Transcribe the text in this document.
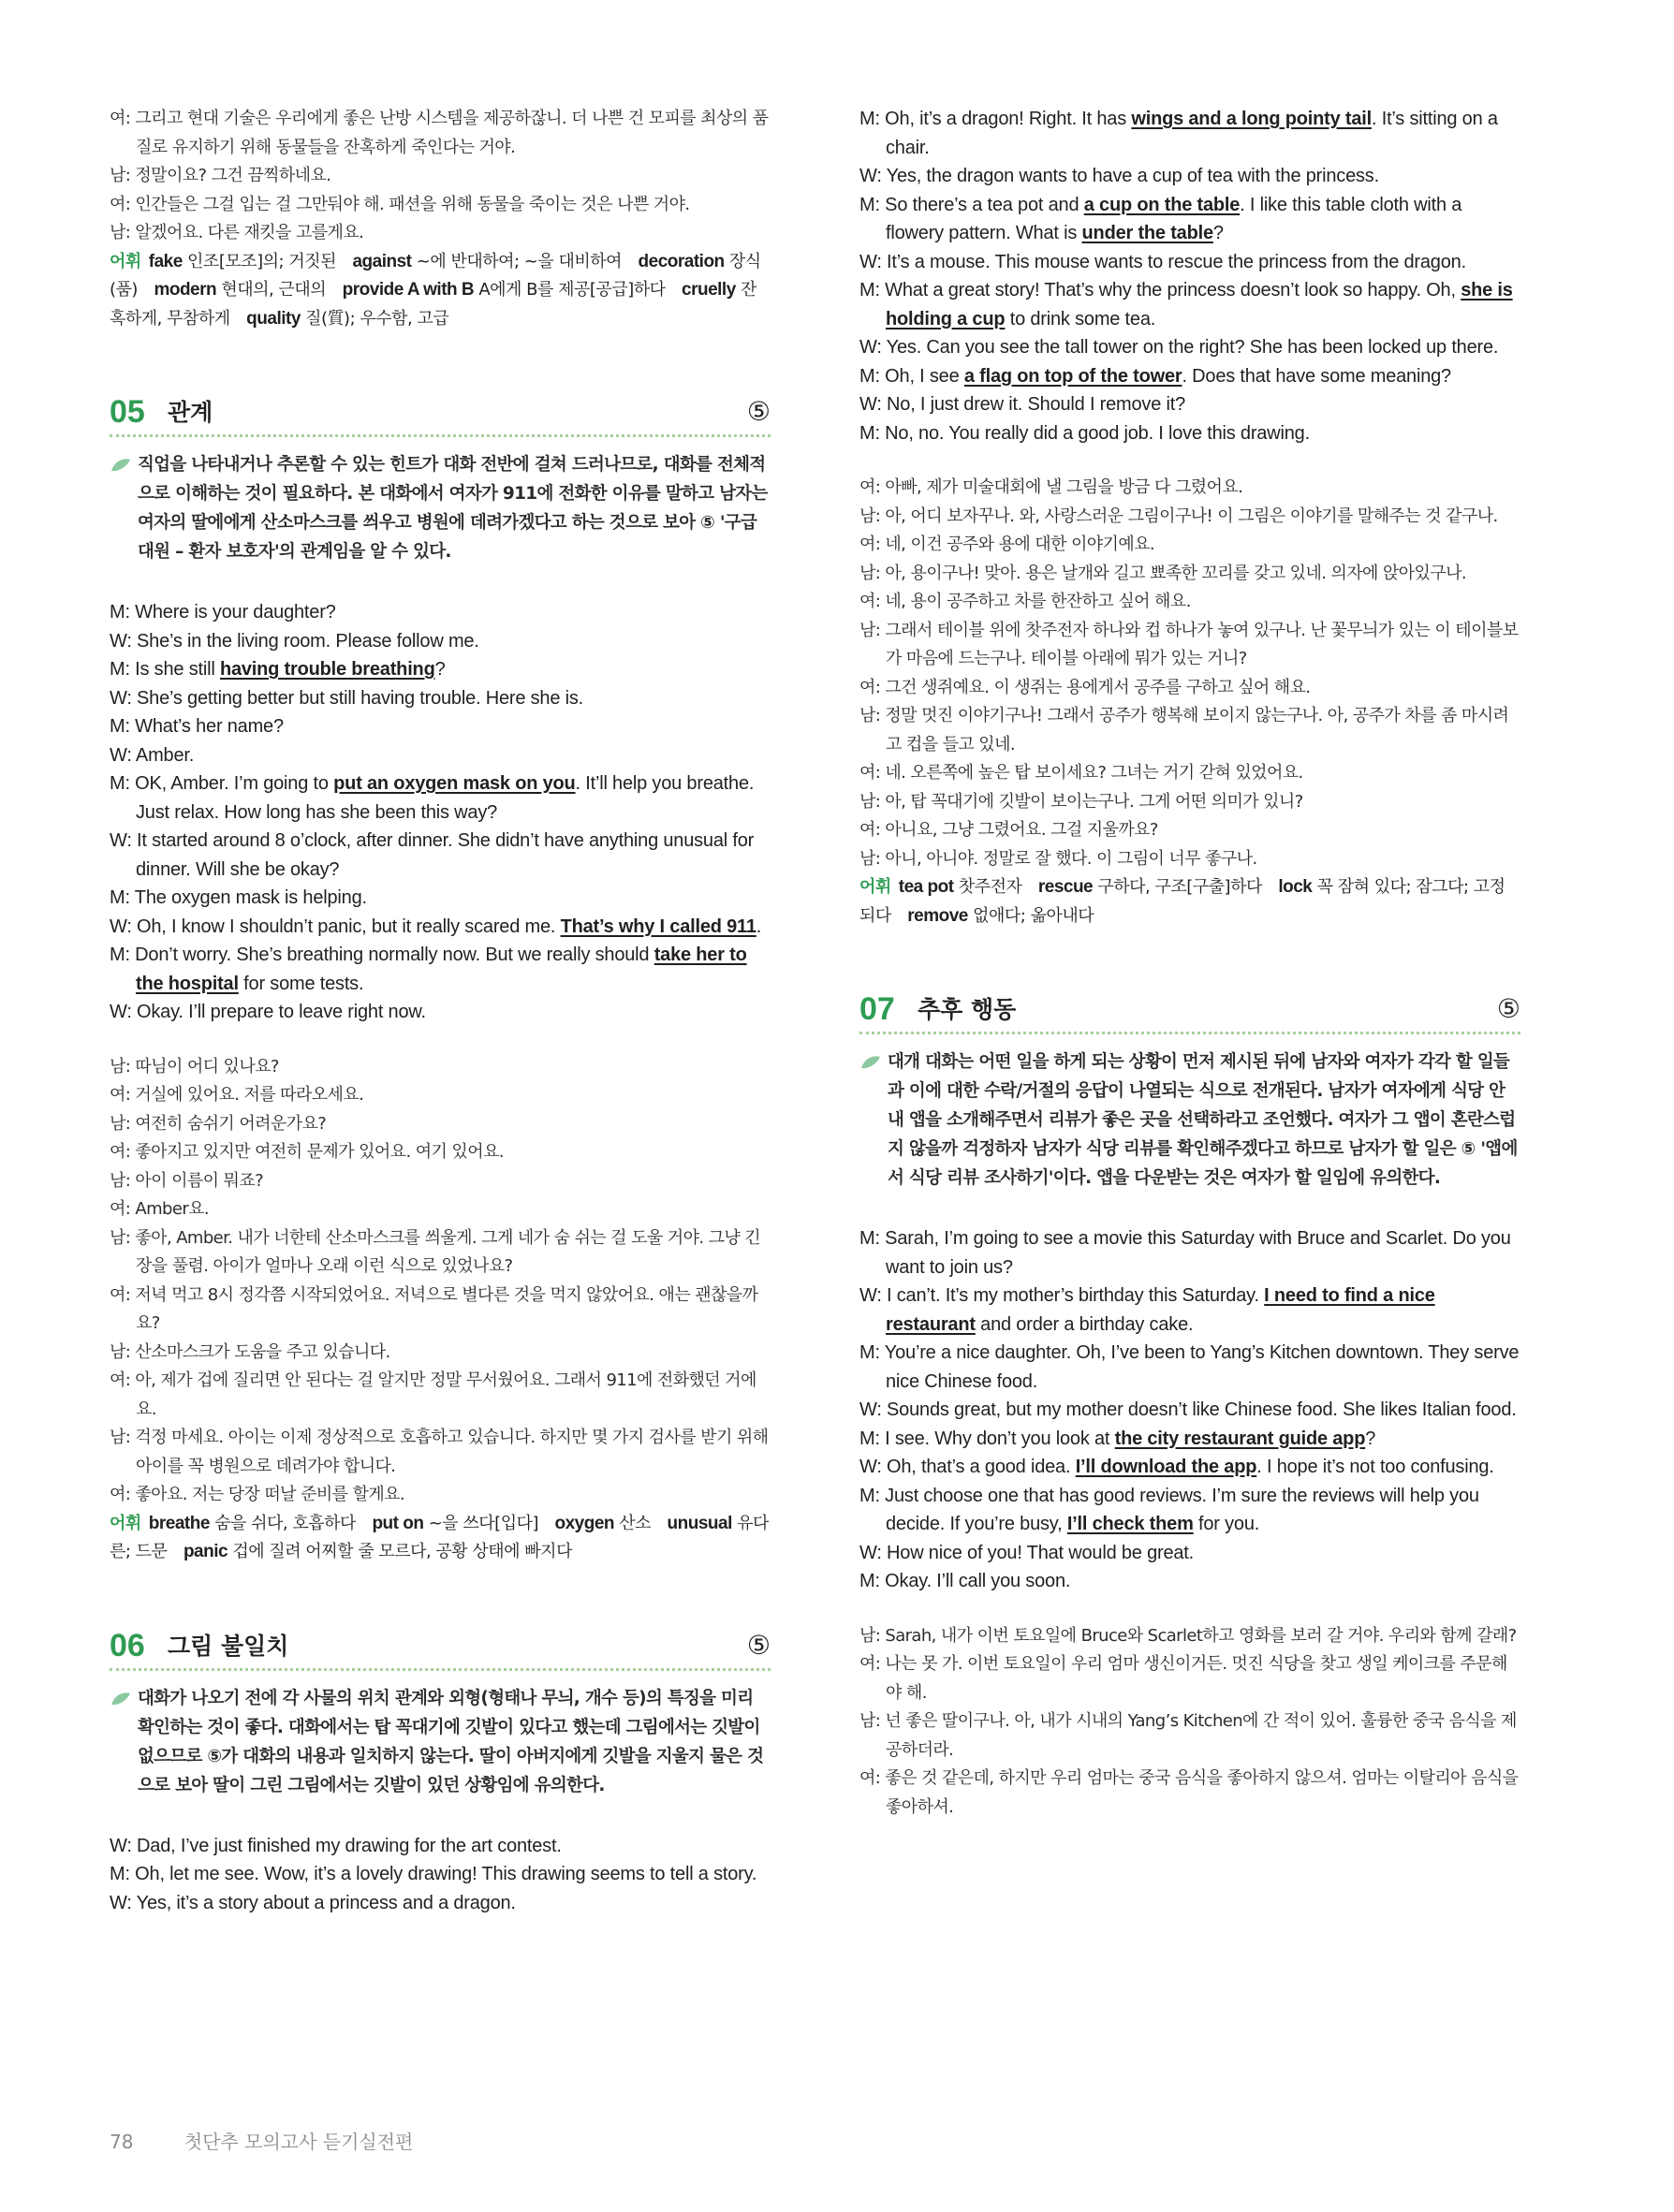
여: 그리고 현대 기술은 우리에게 좋은 난방 시스템을 제공하잖니. 더 나쁜 건 모피를 최상의 품질로 유지하기 위해 동물들을 잔혹하게 죽인다는 거야.

남: 정말이요? 그건 끔찍하네요.

여: 인간들은 그걸 입는 걸 그만둬야 해. 패션을 위해 동물을 죽이는 것은 나쁜 거야.

남: 알겠어요. 다른 재킷을 고를게요.

어휘 fake 인조[모조]의; 거짓된  against ~에 반대하여; ~을 대비하여  decoration 장식(품)  modern 현대의, 근대의  provide A with B A에게 B를 제공[공급]하다  cruelly 잔혹하게, 무참하게  quality 질(質); 우수함, 고급

05 관계	⑤

직업을 나타내거나 추론할 수 있는 힌트가 대화 전반에 걸쳐 드러나므로, 대화를 전체적으로 이해하는 것이 필요하다. 본 대화에서 여자가 911에 전화한 이유를 말하고 남자는 여자의 딸에에게 산소마스크를 씌우고 병원에 데려가겠다고 하는 것으로 보아 ⑤ '구급 대원 – 환자 보호자'의 관계임을 알 수 있다.

M: Where is your daughter?

W: She’s in the living room. Please follow me.

M: Is she still having trouble breathing?

W: She’s getting better but still having trouble. Here she is.

M: What’s her name?

W: Amber.

M: OK, Amber. I’m going to put an oxygen mask on you. It’ll help you breathe. Just relax. How long has she been this way?

W: It started around 8 o’clock, after dinner. She didn’t have anything unusual for dinner. Will she be okay?

M: The oxygen mask is helping.

W: Oh, I know I shouldn’t panic, but it really scared me. That’s why I called 911.

M: Don’t worry. She’s breathing normally now. But we really should take her to the hospital for some tests.

W: Okay. I’ll prepare to leave right now.

남: 따님이 어디 있나요?

여: 거실에 있어요. 저를 따라오세요.

남: 여전히 숨쉬기 어려운가요?

여: 좋아지고 있지만 여전히 문제가 있어요. 여기 있어요.

남: 아이 이름이 뭐죠?

여: Amber요.

남: 좋아, Amber. 내가 너한테 산소마스크를 씌울게. 그게 네가 숨 쉬는 걸 도울 거야. 그냥 긴장을 풀렴. 아이가 얼마나 오래 이런 식으로 있었나요?

여: 저녁 먹고 8시 정각쯤 시작되었어요. 저녁으로 별다른 것을 먹지 않았어요. 애는 괜찮을까요?

남: 산소마스크가 도움을 주고 있습니다.

여: 아, 제가 겁에 질리면 안 된다는 걸 알지만 정말 무서웠어요. 그래서 911에 전화했던 거에요.

남: 걱정 마세요. 아이는 이제 정상적으로 호흡하고 있습니다. 하지만 몇 가지 검사를 받기 위해 아이를 꼭 병원으로 데려가야 합니다.

여: 좋아요. 저는 당장 떠날 준비를 할게요.

어휘 breathe 숨을 쉬다, 호흡하다  put on ~을 쓰다[입다]  oxygen 산소  unusual 유다른; 드문  panic 겁에 질려 어찌할 줄 모르다, 공황 상태에 빠지다

06 그림 불일치	⑤

대화가 나오기 전에 각 사물의 위치 관계와 외형(형태나 무늬, 개수 등)의 특징을 미리 확인하는 것이 좋다. 대화에서는 탑 꼭대기에 깃발이 있다고 했는데 그림에서는 깃발이 없으므로 ⑤가 대화의 내용과 일치하지 않는다. 딸이 아버지에게 깃발을 지울지 물은 것으로 보아 딸이 그린 그림에서는 깃발이 있던 상황임에 유의한다.

W: Dad, I’ve just finished my drawing for the art contest.

M: Oh, let me see. Wow, it’s a lovely drawing! This drawing seems to tell a story.

W: Yes, it’s a story about a princess and a dragon.

M: Oh, it’s a dragon! Right. It has wings and a long pointy tail. It’s sitting on a chair.

W: Yes, the dragon wants to have a cup of tea with the princess.

M: So there’s a tea pot and a cup on the table. I like this table cloth with a flowery pattern. What is under the table?

W: It’s a mouse. This mouse wants to rescue the princess from the dragon.

M: What a great story! That’s why the princess doesn’t look so happy. Oh, she is holding a cup to drink some tea.

W: Yes. Can you see the tall tower on the right? She has been locked up there.

M: Oh, I see a flag on top of the tower. Does that have some meaning?

W: No, I just drew it. Should I remove it?

M: No, no. You really did a good job. I love this drawing.

여: 아빠, 제가 미술대회에 낼 그림을 방금 다 그렸어요.

남: 아, 어디 보자꾸나. 와, 사랑스러운 그림이구나! 이 그림은 이야기를 말해주는 것 같구나.

여: 네, 이건 공주와 용에 대한 이야기예요.

남: 아, 용이구나! 맞아. 용은 날개와 길고 뾰족한 꼬리를 갖고 있네. 의자에 앉아있구나.

여: 네, 용이 공주하고 차를 한잔하고 싶어 해요.

남: 그래서 테이블 위에 찻주전자 하나와 컵 하나가 놓여 있구나. 난 꽃무늬가 있는 이 테이블보가 마음에 드는구나. 테이블 아래에 뭐가 있는 거니?

여: 그건 생쥐예요. 이 생쥐는 용에게서 공주를 구하고 싶어 해요.

남: 정말 멋진 이야기구나! 그래서 공주가 행복해 보이지 않는구나. 아, 공주가 차를 좀 마시려고 컵을 들고 있네.

여: 네. 오른쪽에 높은 탑 보이세요? 그녀는 거기 갇혀 있었어요.

남: 아, 탑 꼭대기에 깃발이 보이는구나. 그게 어떤 의미가 있니?

여: 아니요, 그냥 그렸어요. 그걸 지울까요?

남: 아니, 아니야. 정말로 잘 했다. 이 그림이 너무 좋구나.

어휘 tea pot 찻주전자  rescue 구하다, 구조[구출]하다  lock 꼭 잠혀 있다; 잠그다; 고정되다  remove 없애다; 옮아내다

07 추후 행동	⑤

대개 대화는 어떤 일을 하게 되는 상황이 먼저 제시된 뒤에 남자와 여자가 각각 할 일들과 이에 대한 수락/거절의 응답이 나열되는 식으로 전개된다. 남자가 여자에게 식당 안내 앱을 소개해주면서 리뷰가 좋은 곳을 선택하라고 조언했다. 여자가 그 앱이 혼란스럽지 않을까 걱정하자 남자가 식당 리뷰를 확인해주겠다고 하므로 남자가 할 일은 ⑤ '앱에서 식당 리뷰 조사하기'이다. 앱을 다운받는 것은 여자가 할 일임에 유의한다.

M: Sarah, I’m going to see a movie this Saturday with Bruce and Scarlet. Do you want to join us?

W: I can’t. It’s my mother’s birthday this Saturday. I need to find a nice restaurant and order a birthday cake.

M: You’re a nice daughter. Oh, I’ve been to Yang’s Kitchen downtown. They serve nice Chinese food.

W: Sounds great, but my mother doesn’t like Chinese food. She likes Italian food.

M: I see. Why don’t you look at the city restaurant guide app?

W: Oh, that’s a good idea. I’ll download the app. I hope it’s not too confusing.

M: Just choose one that has good reviews. I’m sure the reviews will help you decide. If you’re busy, I’ll check them for you.

W: How nice of you! That would be great.

M: Okay. I’ll call you soon.

남: Sarah, 내가 이번 토요일에 Bruce와 Scarlet하고 영화를 보러 갈 거야. 우리와 함께 갈래?

여: 나는 못 가. 이번 토요일이 우리 엄마 생신이거든. 멋진 식당을 찾고 생일 케이크를 주문해야 해.

남: 넌 좋은 딸이구나. 아, 내가 시내의 Yang’s Kitchen에 간 적이 있어. 훌륭한 중국 음식을 제공하더라.

여: 좋은 것 같은데, 하지만 우리 엄마는 중국 음식을 좋아하지 않으셔. 엄마는 이탈리아 음식을 좋아하셔.

78	첫단추 모의고사 듣기실전편
